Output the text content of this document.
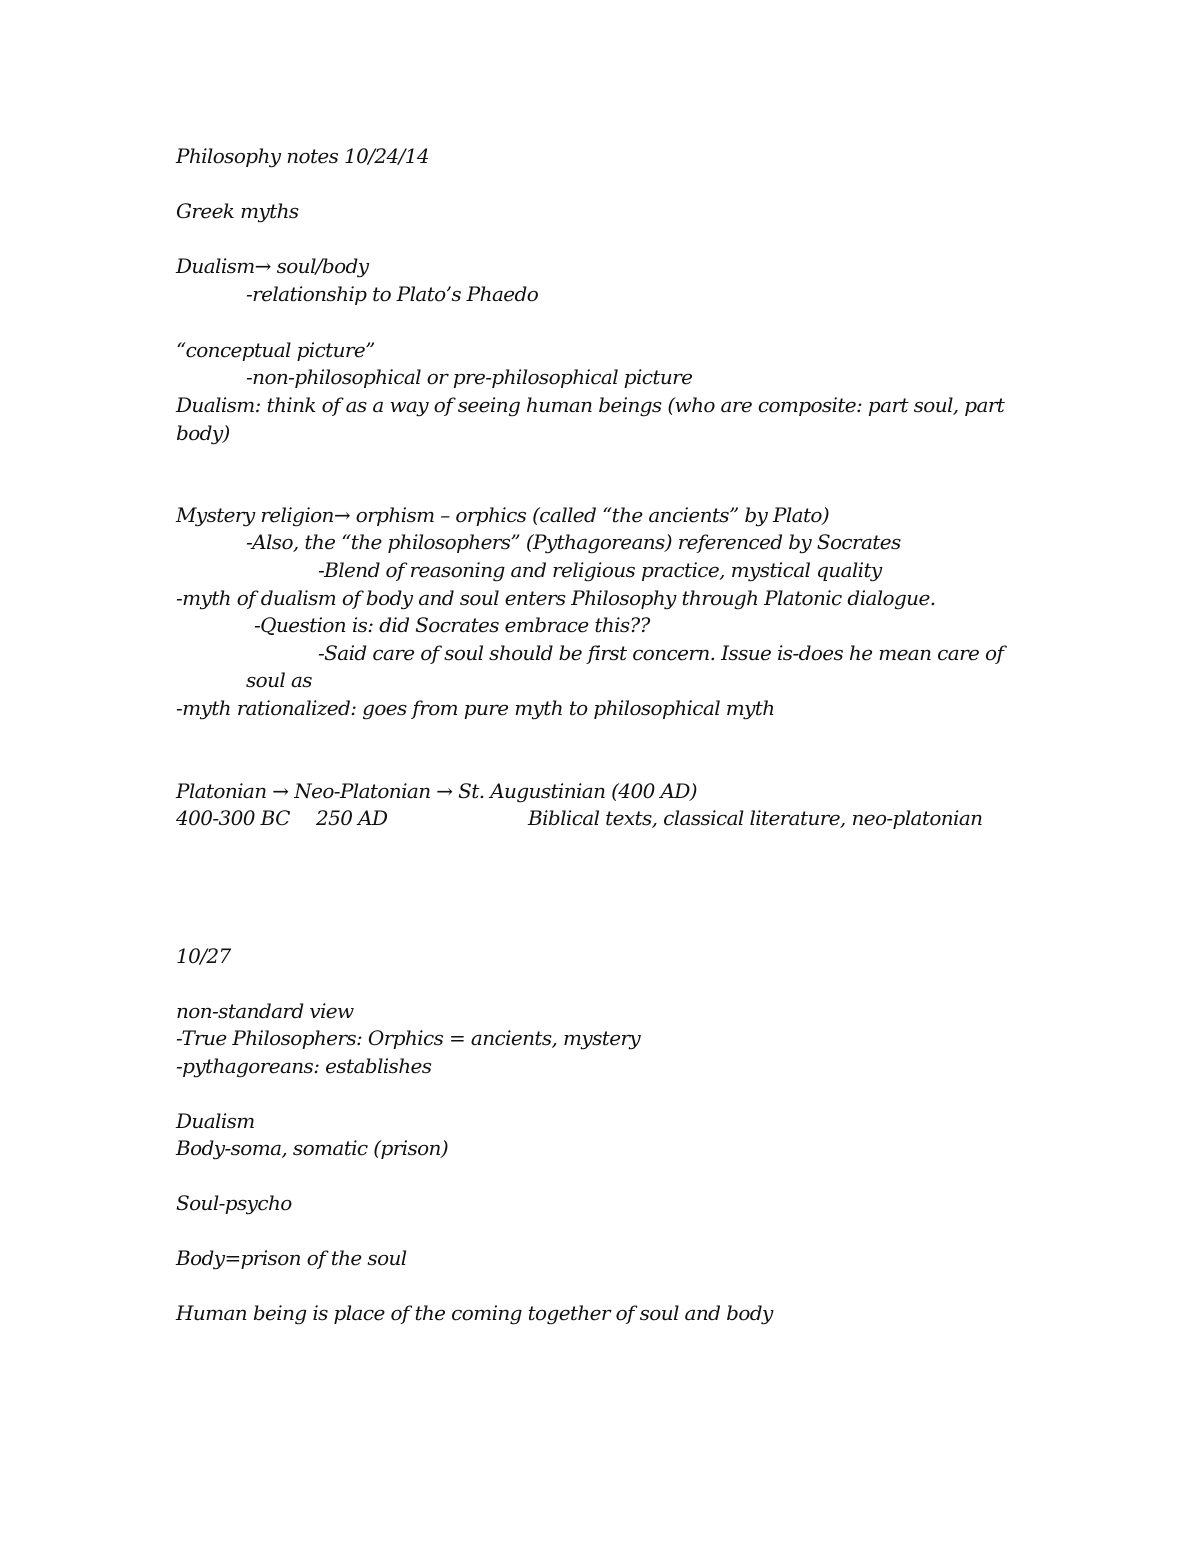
Philosophy notes 10/24/14
Greek myths
Dualism→ soul/body
-relationship to Plato’s Phaedo
“conceptual picture”
-non-philosophical or pre-philosophical picture
Dualism: think of as a way of seeing human beings (who are composite: part soul, part
body)
Mystery religion→ orphism – orphics (called “the ancients” by Plato)
-Also, the “the philosophers” (Pythagoreans) referenced by Socrates
-Blend of reasoning and religious practice, mystical quality
-myth of dualism of body and soul enters Philosophy through Platonic dialogue.
-Question is: did Socrates embrace this??
-Said care of soul should be first concern. Issue is-does he mean care of
soul as
-myth rationalized: goes from pure myth to philosophical myth
Platonian → Neo-Platonian → St. Augustinian (400 AD)
400-300 BC 250 AD	Biblical texts, classical literature, neo-platonian
10/27
non-standard view
-True Philosophers: Orphics = ancients, mystery
-pythagoreans: establishes
Dualism
Body-soma, somatic (prison)
Soul-psycho
Body=prison of the soul
Human being is place of the coming together of soul and body
